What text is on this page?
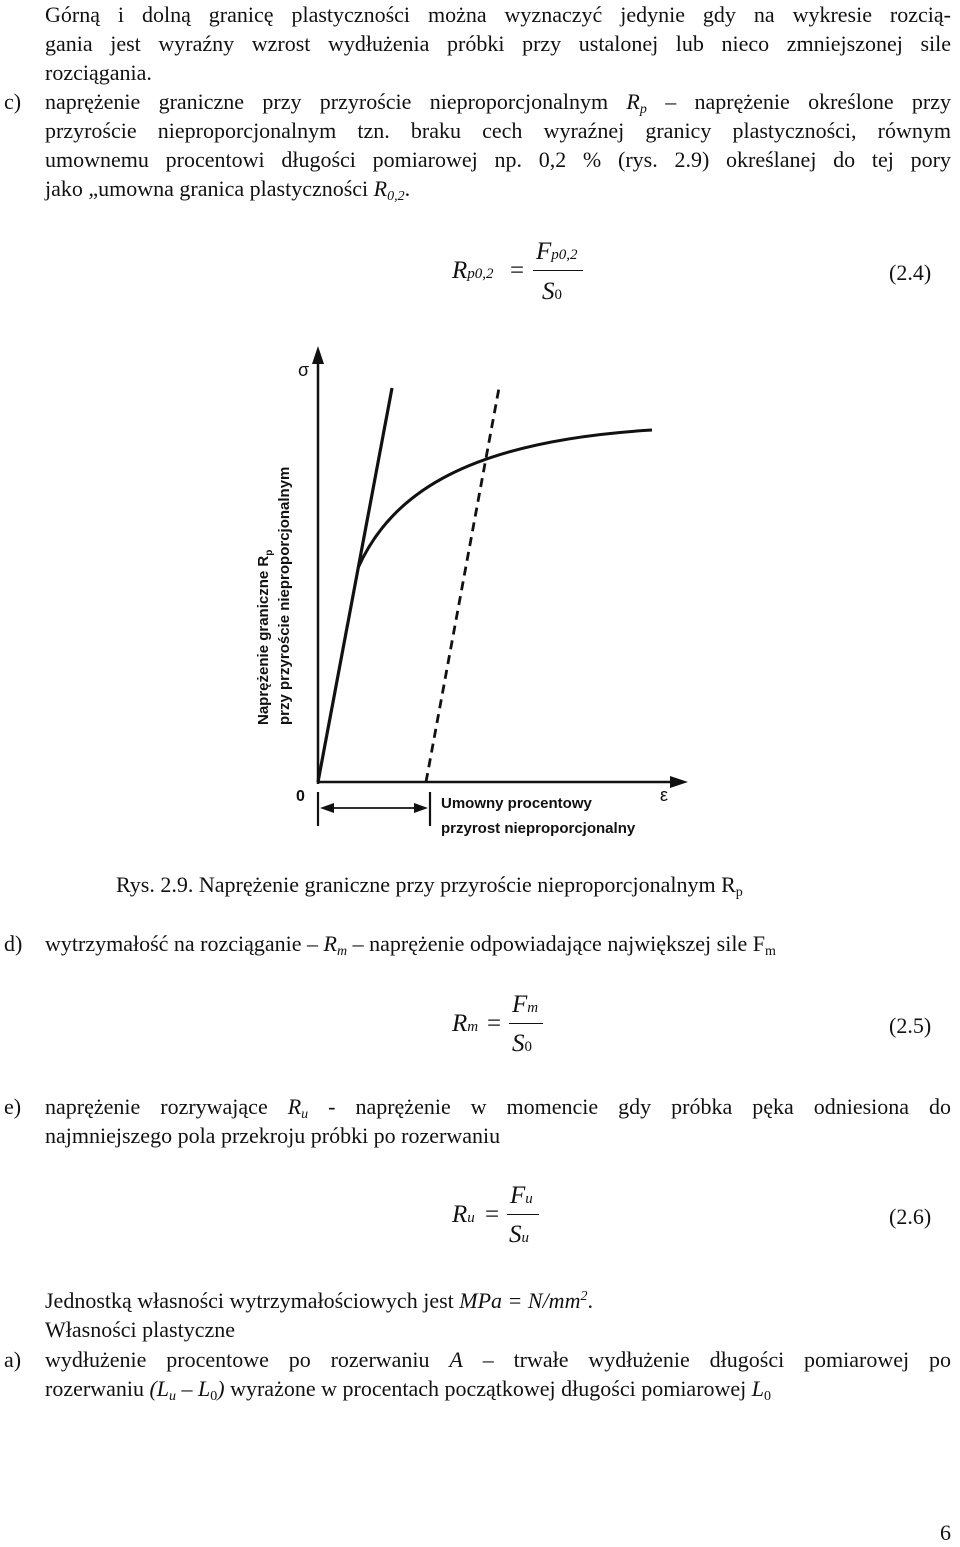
Górną i dolną granicę plastyczności można wyznaczyć jedynie gdy na wykresie rozcią-
gania jest wyraźny wzrost wydłużenia próbki przy ustalonej lub nieco zmniejszonej sile
rozciągania.
c)	naprężenie graniczne przy przyroście nieproporcjonalnym $R_p$ – naprężenie określone przy
przyroście nieproporcjonalnym tzn. braku cech wyraźnej granicy plastyczności, równym
umownemu procentowi długości pomiarowej np. 0,2 % (rys. 2.9) określanej do tej pory
jako „umowna granica plastyczności $R_{0,2}$.
Rp0,2 =
Fp0,2
S0
(2.4)
σ
ε
0	Umowny procentowy
przyrost nieproporcjonalny
Naprężenie graniczne $R_p$ przy przyroście nieproporcjonalnym
Rys. 2.9. Naprężenie graniczne przy przyroście nieproporcjonalnym $R_p$
d)	wytrzymałość na rozciąganie – $R_m$ – naprężenie odpowiadające największej sile $F_m$
Rm =
Fm
S0
(2.5)
e)	naprężenie rozrywające $R_u$ - naprężenie w momencie gdy próbka pęka odniesiona do
najmniejszego pola przekroju próbki po rozerwaniu
Ru =
Fu
Su
(2.6)
Jednostką własności wytrzymałościowych jest MPa = $N/mm^2$.
Własności plastyczne
a)	wydłużenie procentowe po rozerwaniu A – trwałe wydłużenie długości pomiarowej po
rozerwaniu $(L_u - L_0)$ wyrażone w procentach początkowej długości pomiarowej $L_0$
6
